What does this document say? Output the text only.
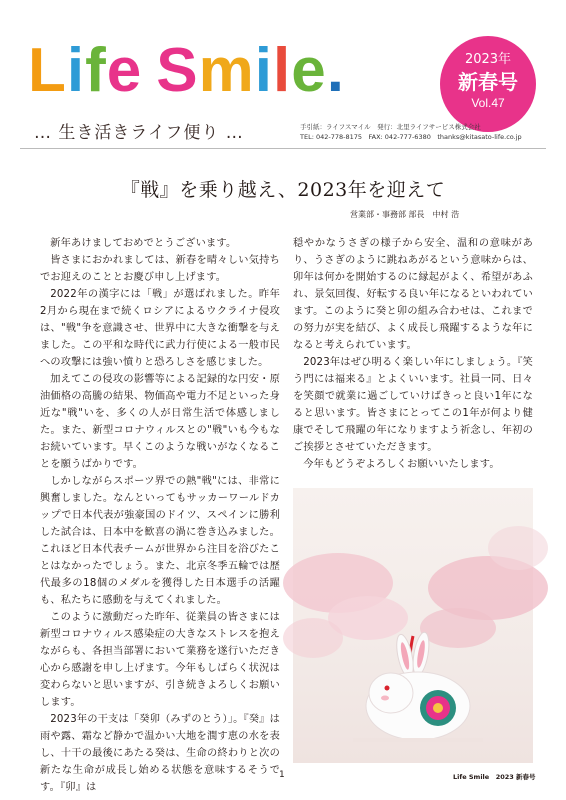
Life Smile.
… 生き活きライフ便り …
2023年
新春号
Vol.47
手引紙：ライフスマイル　発行：北里ライフサービス株式会社
TEL: 042-778-8175　FAX: 042-777-6380　thanks@kitasato-life.co.jp
『戦』を乗り越え、2023年を迎えて
営業部・事務部 部長　中村 浩

新年あけましておめでとうございます。

皆さまにおかれましては、新春を晴々しい気持ちでお迎えのこととお慶び申し上げます。

2022年の漢字には「戦」が選ばれました。昨年2月から現在まで続くロシアによるウクライナ侵攻は、"戦"争を意識させ、世界中に大きな衝撃を与えました。この平和な時代に武力行使による一般市民への攻撃には強い憤りと恐ろしさを感じました。

加えてこの侵攻の影響等による記録的な円安・原油価格の高騰の結果、物価高や電力不足といった身近な"戦"いを、多くの人が日常生活で体感しました。また、新型コロナウィルスとの"戦"いも今もなお続いています。早くこのような戦いがなくなることを願うばかりです。

しかしながらスポーツ界での熱"戦"には、非常に興奮しました。なんといってもサッカーワールドカップで日本代表が強豪国のドイツ、スペインに勝利した試合は、日本中を歓喜の渦に巻き込みました。これほど日本代表チームが世界から注目を浴びたことはなかったでしょう。また、北京冬季五輪では歴代最多の18個のメダルを獲得した日本選手の活躍も、私たちに感動を与えてくれました。

このように激動だった昨年、従業員の皆さまには新型コロナウィルス感染症の大きなストレスを抱えながらも、各担当部署において業務を遂行いただき心から感謝を申し上げます。今年もしばらく状況は変わらないと思いますが、引き続きよろしくお願いします。

2023年の干支は「癸卯（みずのとう）」。『癸』は雨や露、霜など静かで温かい大地を潤す恵の水を表し、十干の最後にあたる癸は、生命の終わりと次の新たな生命が成長し始める状態を意味するそうです。『卯』は

穏やかなうさぎの様子から安全、温和の意味があり、うさぎのように跳ねあがるという意味からは、卯年は何かを開始するのに縁起がよく、希望があふれ、景気回復、好転する良い年になるといわれています。このように癸と卯の組み合わせは、これまでの努力が実を結び、よく成長し飛躍するような年になると考えられています。

2023年はぜひ明るく楽しい年にしましょう。『笑う門には福来る』とよくいいます。社員一同、日々を笑顔で就業に過ごしていけばきっと良い1年になると思います。皆さまにとってこの1年が何より健康でそして飛躍の年になりますよう祈念し、年初のご挨拶とさせていただきます。

今年もどうぞよろしくお願いいたします。

1	Life Smile　2023 新春号
